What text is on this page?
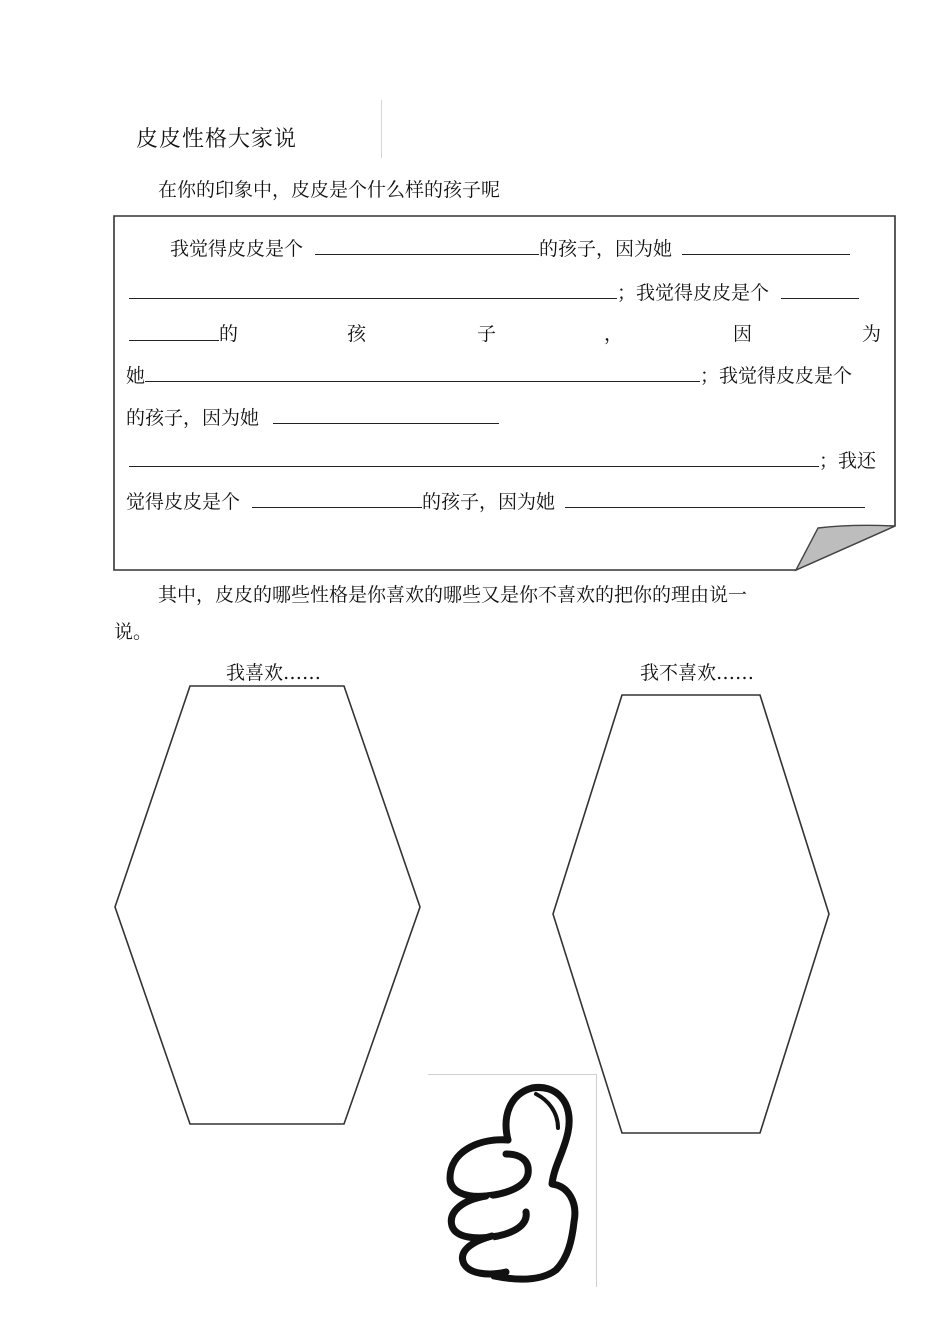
皮皮性格大家说
在你的印象中，皮皮是个什么样的孩子呢
我觉得皮皮是个	的孩子，因为她
；我觉得皮皮是个
的	孩	子	，	因	为
她	；我觉得皮皮是个
的孩子，因为她
；我还
觉得皮皮是个	的孩子，因为她
其中，皮皮的哪些性格是你喜欢的哪些又是你不喜欢的把你的理由说一
说。
我喜欢……	我不喜欢……
